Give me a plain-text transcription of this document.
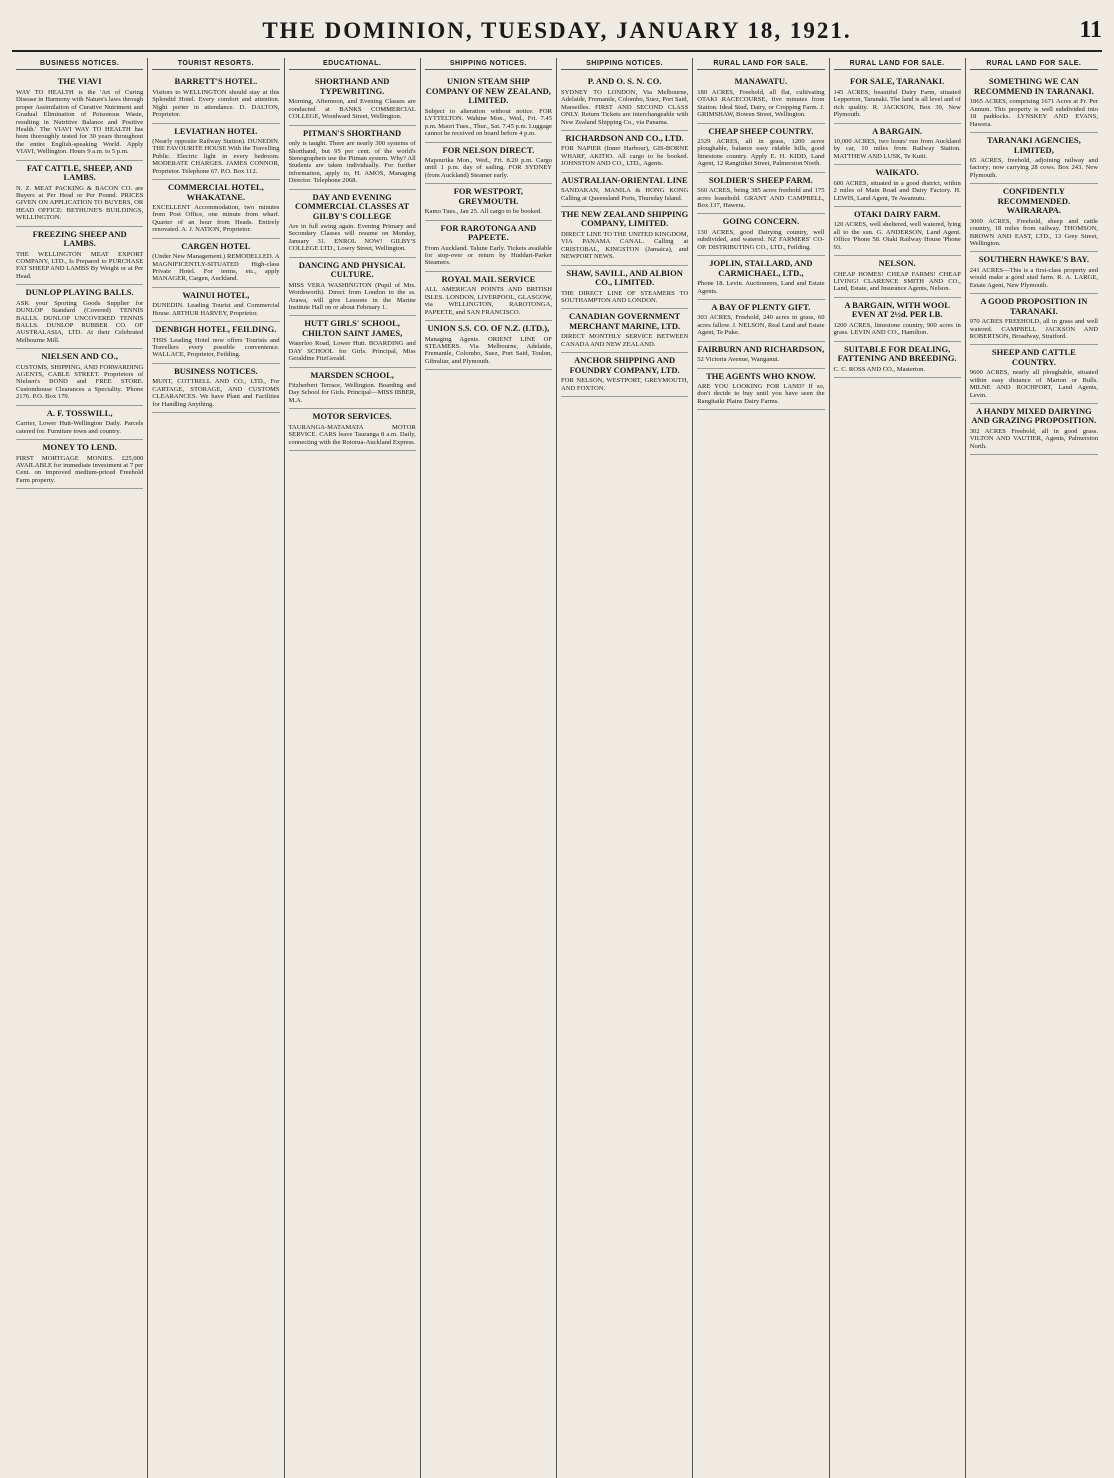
THE DOMINION, TUESDAY, JANUARY 18, 1921.	11
BUSINESS NOTICES.
THE VIAVI
WAY TO HEALTH is the 'Art of Curing Disease in Harmony with Nature's laws through proper Assimilation of Curative Nutriment and Gradual Elimination of Poisonous Waste, resulting in Nutritive Balance and Positive Health.' The VIAVI WAY TO HEALTH has been thoroughly tested for 30 years throughout the entire English-speaking World. Apply VIAVI, Wellington. Hours 9 a.m. to 5 p.m.
FAT CATTLE, SHEEP, AND LAMBS.
N. Z. MEAT PACKING & BACON CO. are Buyers at Per Head or Per Pound. PRICES GIVEN ON APPLICATION TO BUYERS, OR HEAD OFFICE: BETHUNE'S BUILDINGS, WELLINGTON.
FREEZING SHEEP AND LAMBS.
THE WELLINGTON MEAT EXPORT COMPANY, LTD., Is Prepared to PURCHASE FAT SHEEP AND LAMBS By Weight or at Per Head.
DUNLOP PLAYING BALLS.
ASK your Sporting Goods Supplier for DUNLOP Standard (Covered) TENNIS BALLS. DUNLOP UNCOVERED TENNIS BALLS. DUNLOP RUBBER CO. OF AUSTRALASIA, LTD. At their Celebrated Melbourne Mill.
NIELSEN AND CO.,
CUSTOMS, SHIPPING, AND FORWARDING AGENTS, CABLE STREET. Proprietors of Nielsen's BOND and FREE STORE. Customhouse Clearances a Speciality. 'Phone 2176. P.O. Box 179.
A. F. TOSSWILL,
Carrier, Lower Hutt-Wellington Daily. Parcels catered for. Furniture town and country.
MONEY TO LEND.
FIRST MORTGAGE MONIES. £25,000 AVAILABLE for immediate investment at 7 per Cent. on improved medium-priced Freehold Farm property.
TOURIST RESORTS.
BARRETT'S HOTEL.
Visitors to WELLINGTON should stay at this Splendid Hotel. Every comfort and attention. Night porter in attendance. D. DALTON, Proprietor.
LEVIATHAN HOTEL
(Nearly opposite Railway Station). DUNEDIN. THE FAVOURITE HOUSE With the Travelling Public. Electric light in every bedroom. MODERATE CHARGES. JAMES CONNOR, Proprietor. Telephone 67. P.O. Box 112.
COMMERCIAL HOTEL, WHAKATANE.
EXCELLENT Accommodation, two minutes from Post Office, one minute from wharf. Quarter of an hour from Heads. Entirely renovated. A. J. NATION, Proprietor.
CARGEN HOTEL
(Under New Management.) REMODELLED. A MAGNIFICENTLY-SITUATED High-class Private Hotel. For terms, etc., apply MANAGER, Cargen, Auckland.
WAINUI HOTEL,
DUNEDIN. Leading Tourist and Commercial House. ARTHUR HARVEY, Proprietor.
DENBIGH HOTEL, FEILDING.
THIS Leading Hotel now offers Tourists and Travellers every possible convenience. WALLACE, Proprietor, Feilding.
BUSINESS NOTICES.
MUNT, COTTRELL AND CO., LTD., For CARTAGE, STORAGE, AND CUSTOMS CLEARANCES. We have Plant and Facilities for Handling Anything.
EDUCATIONAL.
SHORTHAND AND TYPEWRITING.
Morning, Afternoon, and Evening Classes are conducted at BANKS COMMERCIAL COLLEGE, Woodward Street, Wellington.
PITMAN'S SHORTHAND
only is taught. There are nearly 300 systems of Shorthand, but 95 per cent. of the world's Stenographers use the Pitman system. Why? All Students are taken individually. For further information, apply to, H. AMOS, Managing Director. Telephone 2068.
DAY AND EVENING COMMERCIAL CLASSES AT GILBY'S COLLEGE
Are in full swing again. Evening Primary and Secondary Classes will resume on Monday, January 31. ENROL NOW! GILBY'S COLLEGE LTD., Lowry Street, Wellington.
DANCING AND PHYSICAL CULTURE.
MISS VERA WASHINGTON (Pupil of Mrs. Wordsworth). Direct from London to the ss. Arawa, will give Lessons in the Marine Institute Hall on or about February 1.
HUTT GIRLS' SCHOOL, CHILTON SAINT JAMES,
Waterloo Road, Lower Hutt. BOARDING and DAY SCHOOL for Girls. Principal, Miss Geraldine FitzGerald.
MARSDEN SCHOOL,
Fitzherbert Terrace, Wellington. Boarding and Day School for Girls. Principal—MISS IBBER, M.A.
MOTOR SERVICES.
TAURANGA-MATAMATA MOTOR SERVICE. CARS leave Tauranga 8 a.m. Daily, connecting with the Rotorua-Auckland Express.
SHIPPING NOTICES.
UNION STEAM SHIP COMPANY OF NEW ZEALAND, LIMITED.
Subject to alteration without notice. FOR LYTTELTON. Wahine Mon., Wed., Fri. 7.45 p.m. Maori Tues., Thur., Sat. 7.45 p.m. Luggage cannot be received on board before 4 p.m.
FOR NELSON DIRECT.
Mapourika Mon., Wed., Fri. 8.20 p.m. Cargo until 1 p.m. day of sailing. FOR SYDNEY (from Auckland) Steamer early.
FOR WESTPORT, GREYMOUTH.
Kamo Tues., Jan 25. All cargo to be booked.
FOR RAROTONGA AND PAPEETE.
From Auckland. Talune Early. Tickets available for stop-over or return by Huddart-Parker Steamers.
ROYAL MAIL SERVICE
ALL AMERICAN POINTS AND BRITISH ISLES. LONDON, LIVERPOOL, GLASGOW, via WELLINGTON, RAROTONGA, PAPEETE, and SAN FRANCISCO.
UNION S.S. CO. OF N.Z. (LTD.),
Managing Agents. ORIENT LINE OF STEAMERS. Via Melbourne, Adelaide, Fremantle, Colombo, Suez, Port Said, Toulon, Gibraltar, and Plymouth.
SHIPPING NOTICES.
P. AND O. S. N. CO.
SYDNEY TO LONDON, Via Melbourne, Adelaide, Fremantle, Colombo, Suez, Port Said, Marseilles. FIRST AND SECOND CLASS ONLY. Return Tickets are interchangeable with New Zealand Shipping Co., via Panama.
RICHARDSON AND CO., LTD.
FOR NAPIER (Inner Harbour), GIS-BORNE WHARF, AKITIO. All cargo to be booked. JOHNSTON AND CO., LTD., Agents.
AUSTRALIAN-ORIENTAL LINE
SANDAKAN, MANILA & HONG KONG Calling at Queensland Ports, Thursday Island.
THE NEW ZEALAND SHIPPING COMPANY, LIMITED.
DIRECT LINE TO THE UNITED KINGDOM, VIA PANAMA CANAL. Calling at CRISTOBAL, KINGSTON (Jamaica), and NEWPORT NEWS.
SHAW, SAVILL, AND ALBION CO., LIMITED.
THE DIRECT LINE OF STEAMERS TO SOUTHAMPTON AND LONDON.
CANADIAN GOVERNMENT MERCHANT MARINE, LTD.
DIRECT MONTHLY SERVICE BETWEEN CANADA AND NEW ZEALAND.
ANCHOR SHIPPING AND FOUNDRY COMPANY, LTD.
FOR NELSON, WESTPORT, GREYMOUTH, AND FOXTON.
RURAL LAND FOR SALE.
MANAWATU.
180 ACRES, Freehold, all flat, cultivating OTAKI RACECOURSE, five minutes from Station. Ideal Stud, Dairy, or Cropping Farm. J. GRIMSHAW, Bowen Street, Wellington.
CHEAP SHEEP COUNTRY.
2329 ACRES, all in grass, 1200 acres ploughable, balance easy ridable hills, good limestone country. Apply E. H. KIDD, Land Agent, 12 Rangitikei Street, Palmerston North.
SOLDIER'S SHEEP FARM.
560 ACRES, being 385 acres freehold and 175 acres leasehold. GRANT AND CAMPBELL, Box 137, Hawera.
GOING CONCERN.
130 ACRES, good Dairying country, well subdivided, and watered. NZ FARMERS' CO-OP. DISTRIBUTING CO., LTD., Feilding.
JOPLIN, STALLARD, AND CARMICHAEL, LTD.,
Phone 18. Levin. Auctioneers, Land and Estate Agents.
A BAY OF PLENTY GIFT.
303 ACRES, Freehold, 240 acres in grass, 60 acres fallow. J. NELSON, Real Land and Estate Agent, Te Puke.
FAIRBURN AND RICHARDSON,
52 Victoria Avenue, Wanganui.
THE AGENTS WHO KNOW.
ARE YOU LOOKING FOR LAND? If so, don't decide to buy until you have seen the Rangitaiki Plains Dairy Farms.
RURAL LAND FOR SALE.
FOR SALE, TARANAKI.
145 ACRES, beautiful Dairy Farm, situated Lepperton, Taranaki. The land is all level and of rich quality. R. JACKSON, Box 39, New Plymouth.
A BARGAIN.
10,000 ACRES, two hours' run from Auckland by car, 10 miles from Railway Station. MATTHEW AND LUSK, Te Kuiti.
WAIKATO.
600 ACRES, situated in a good district, within 2 miles of Main Road and Dairy Factory. H. LEWIS, Land Agent, Te Awamutu.
OTAKI DAIRY FARM.
120 ACRES, well sheltered, well watered, lying all to the sun. G. ANDERSON, Land Agent. Office 'Phone 58. Otaki Railway House 'Phone 93.
NELSON.
CHEAP HOMES! CHEAP FARMS! CHEAP LIVING! CLARENCE SMITH AND CO., Land, Estate, and Insurance Agents, Nelson.
A BARGAIN, WITH WOOL EVEN AT 2½d. PER LB.
1200 ACRES, limestone country, 900 acres in grass. LEVIN AND CO., Hamilton.
SUITABLE FOR DEALING, FATTENING AND BREEDING.
C. C. ROSS AND CO., Masterton.
RURAL LAND FOR SALE.
SOMETHING WE CAN RECOMMEND IN TARANAKI.
1865 ACRES, comprising 1671 Acres at Fr. Per Annum. This property is well subdivided into 18 paddocks. LYNSKEY AND EVANS, Hawera.
TARANAKI AGENCIES, LIMITED,
65 ACRES, freehold, adjoining railway and factory; now carrying 28 cows. Box 243. New Plymouth.
CONFIDENTLY RECOMMENDED. WAIRARAPA.
3069 ACRES, Freehold, sheep and cattle country, 18 miles from railway. THOMSON, BROWN AND EAST, LTD., 13 Grey Street, Wellington.
SOUTHERN HAWKE'S BAY.
241 ACRES—This is a first-class property and would make a good stud farm. R. A. LARGE, Estate Agent, New Plymouth.
A GOOD PROPOSITION IN TARANAKI.
970 ACRES FREEHOLD, all in grass and well watered. CAMPBELL JACKSON AND ROBERTSON, Broadway, Stratford.
SHEEP AND CATTLE COUNTRY.
9600 ACRES, nearly all ploughable, situated within easy distance of Marton or Bulls. MILNE AND ROCHFORT, Land Agents, Levin.
A HANDY MIXED DAIRYING AND GRAZING PROPOSITION.
302 ACRES Freehold, all in good grass. VILTON AND VAUTIER, Agents, Palmerston North.
